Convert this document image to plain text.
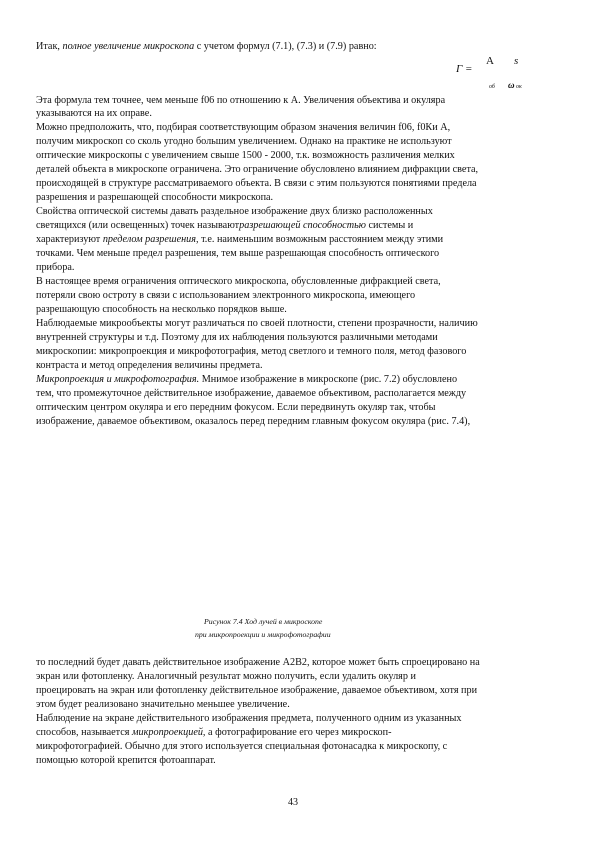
Итак, полное увеличение микроскопа с учетом формул (7.1), (7.3) и (7.9) равно:
Г =
A s
об ω ок
Эта формула тем точнее, чем меньше f06 по отношению к А. Увеличения объектива и окуляра
указываются на их оправе.
Можно предположить, что, подбирая соответствующим образом значения величин f06, f0Ки А,
получим микроскоп со сколь угодно большим увеличением. Однако на практике не используют
оптические микроскопы с увеличением свыше 1500 - 2000, т.к. возможность различения мелких
деталей объекта в микроскопе ограничена. Это ограничение обусловлено влиянием дифракции света,
происходящей в структуре рассматриваемого объекта. В связи с этим пользуются понятиями предела
разрешения и разрешающей способности микроскопа.
Свойства оптической системы давать раздельное изображение двух близко расположенных
светящихся (или освещенных) точек называютразрешающей способностью системы и
характеризуют пределом разрешения, т.е. наименьшим возможным расстоянием между этими
точками. Чем меньше предел разрешения, тем выше разрешающая способность оптического
прибора.
В настоящее время ограничения оптического микроскопа, обусловленные дифракцией света,
потеряли свою остроту в связи с использованием электронного микроскопа, имеющего
разрешающую способность на несколько порядков выше.
Наблюдаемые микрообъекты могут различаться по своей плотности, степени прозрачности, наличию
внутренней структуры и т.д. Поэтому для их наблюдения пользуются различными методами
микроскопии: микропроекция и микрофотография, метод светлого и темного поля, метод фазового
контраста и метод определения величины предмета.
Микропроекция и микрофотография. Мнимое изображение в микроскопе (рис. 7.2) обусловлено
тем, что промежуточное действительное изображение, даваемое объективом, располагается между
оптическим центром окуляра и его передним фокусом. Если передвинуть окуляр так, чтобы
изображение, даваемое объективом, оказалось перед передним главным фокусом окуляра (рис. 7.4),
Рисунок 7.4 Ход лучей в микроскопе
при микропроекции и микрофотографии
то последний будет давать действительное изображение А2В2, которое может быть спроецировано на
экран или фотопленку. Аналогичный результат можно получить, если удалить окуляр и
проецировать на экран или фотопленку действительное изображение, даваемое объективом, хотя при
этом будет реализовано значительно меньшее увеличение.
Наблюдение на экране действительного изображения предмета, полученного одним из указанных
способов, называется микропроекцией, а фотографирование его через микроскоп-
микрофотографией. Обычно для этого используется специальная фотонасадка к микроскопу, с
помощью которой крепится фотоаппарат.
43
